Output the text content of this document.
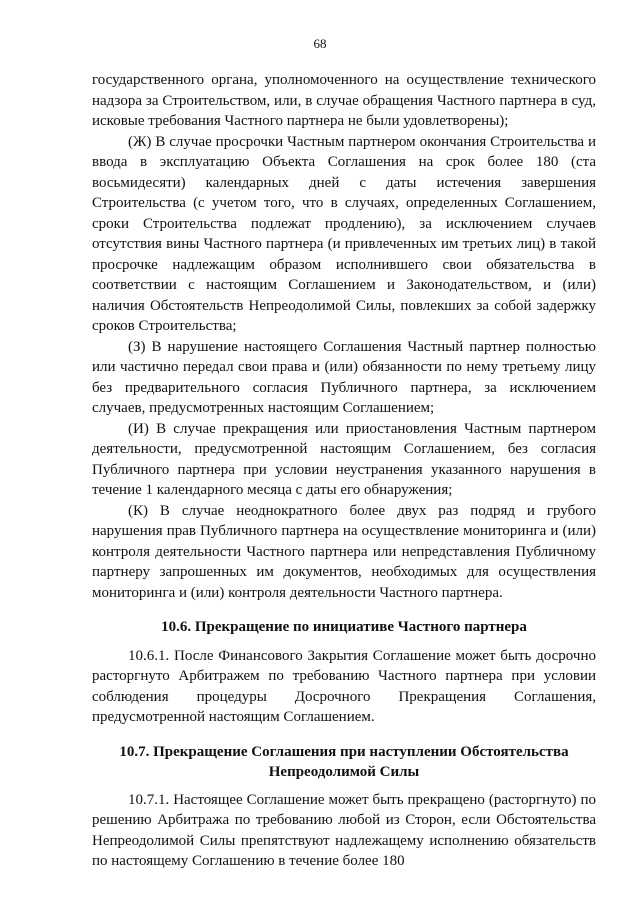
68

государственного органа, уполномоченного на осуществление технического надзора за Строительством, или, в случае обращения Частного партнера в суд, исковые требования Частного партнера не были удовлетворены);

(Ж) В случае просрочки Частным партнером окончания Строительства и ввода в эксплуатацию Объекта Соглашения на срок более 180 (ста восьмидесяти) календарных дней с даты истечения завершения Строительства (с учетом того, что в случаях, определенных Соглашением, сроки Строительства подлежат продлению), за исключением случаев отсутствия вины Частного партнера (и привлеченных им третьих лиц) в такой просрочке надлежащим образом исполнившего свои обязательства в соответствии с настоящим Соглашением и Законодательством, и (или) наличия Обстоятельств Непреодолимой Силы, повлекших за собой задержку сроков Строительства;

(З) В нарушение настоящего Соглашения Частный партнер полностью или частично передал свои права и (или) обязанности по нему третьему лицу без предварительного согласия Публичного партнера, за исключением случаев, предусмотренных настоящим Соглашением;

(И) В случае прекращения или приостановления Частным партнером деятельности, предусмотренной настоящим Соглашением, без согласия Публичного партнера при условии неустранения указанного нарушения в течение 1 календарного месяца с даты его обнаружения;

(К) В случае неоднократного более двух раз подряд и грубого нарушения прав Публичного партнера на осуществление мониторинга и (или) контроля деятельности Частного партнера или непредставления Публичному партнеру запрошенных им документов, необходимых для осуществления мониторинга и (или) контроля деятельности Частного партнера.

10.6. Прекращение по инициативе Частного партнера

10.6.1. После Финансового Закрытия Соглашение может быть досрочно расторгнуто Арбитражем по требованию Частного партнера при условии соблюдения процедуры Досрочного Прекращения Соглашения, предусмотренной настоящим Соглашением.

10.7. Прекращение Соглашения при наступлении Обстоятельства
Непреодолимой Силы

10.7.1. Настоящее Соглашение может быть прекращено (расторгнуто) по решению Арбитража по требованию любой из Сторон, если Обстоятельства Непреодолимой Силы препятствуют надлежащему исполнению обязательств по настоящему Соглашению в течение более 180
